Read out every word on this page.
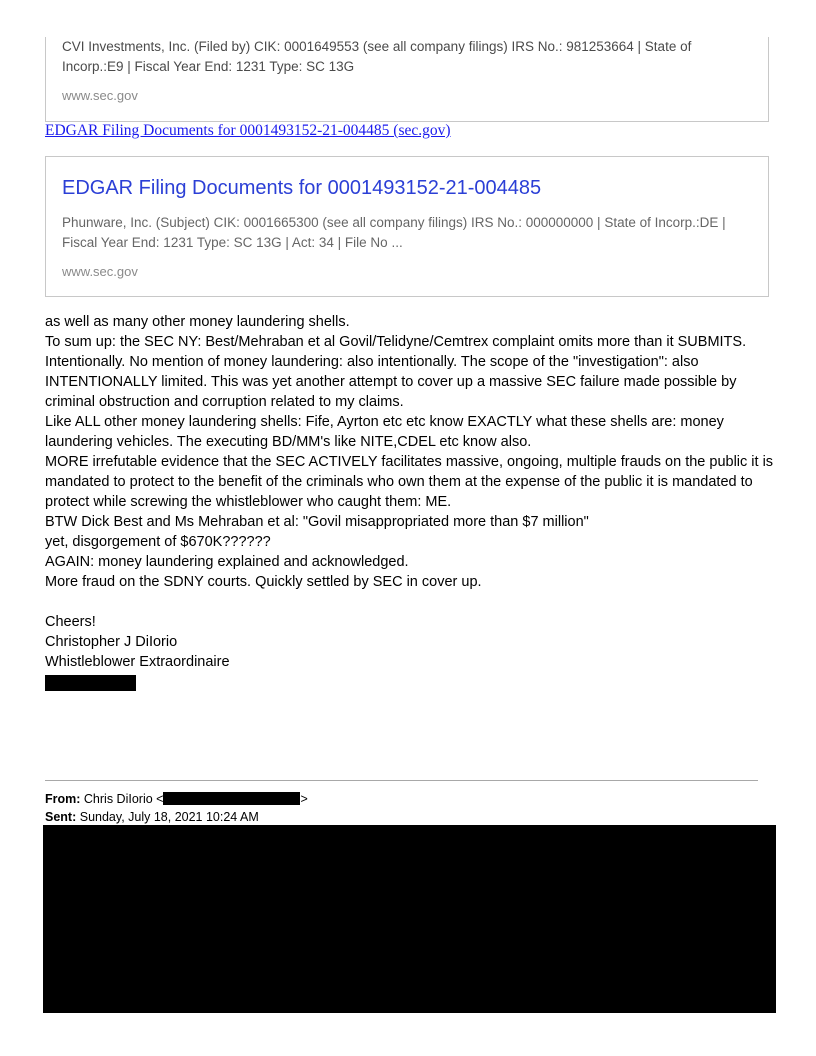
CVI Investments, Inc. (Filed by) CIK: 0001649553 (see all company filings) IRS No.: 981253664 | State of Incorp.:E9 | Fiscal Year End: 1231 Type: SC 13G
www.sec.gov
EDGAR Filing Documents for 0001493152-21-004485 (sec.gov)
EDGAR Filing Documents for 0001493152-21-004485
Phunware, Inc. (Subject) CIK: 0001665300 (see all company filings) IRS No.: 000000000 | State of Incorp.:DE | Fiscal Year End: 1231 Type: SC 13G | Act: 34 | File No ...
www.sec.gov

as well as many other money laundering shells.

To sum up: the SEC NY: Best/Mehraban et al Govil/Telidyne/Cemtrex complaint omits more than it SUBMITS. Intentionally. No mention of money laundering: also intentionally. The scope of the "investigation": also INTENTIONALLY limited. This was yet another attempt to cover up a massive SEC failure made possible by criminal obstruction and corruption related to my claims.

Like ALL other money laundering shells: Fife, Ayrton etc etc know EXACTLY what these shells are: money laundering vehicles. The executing BD/MM's like NITE,CDEL etc know also.

MORE irrefutable evidence that the SEC ACTIVELY facilitates massive, ongoing, multiple frauds on the public it is mandated to protect to the benefit of the criminals who own them at the expense of the public it is mandated to protect while screwing the whistleblower who caught them: ME.

BTW Dick Best and Ms Mehraban et al: "Govil misappropriated more than $7 million"

yet, disgorgement of $670K??????

AGAIN: money laundering explained and acknowledged.

More fraud on the SDNY courts. Quickly settled by SEC in cover up.

Cheers!

Christopher J DiIorio

Whistleblower Extraordinaire

From: Chris DiIorio <	>
Sent: Sunday, July 18, 2021 10:24 AM
